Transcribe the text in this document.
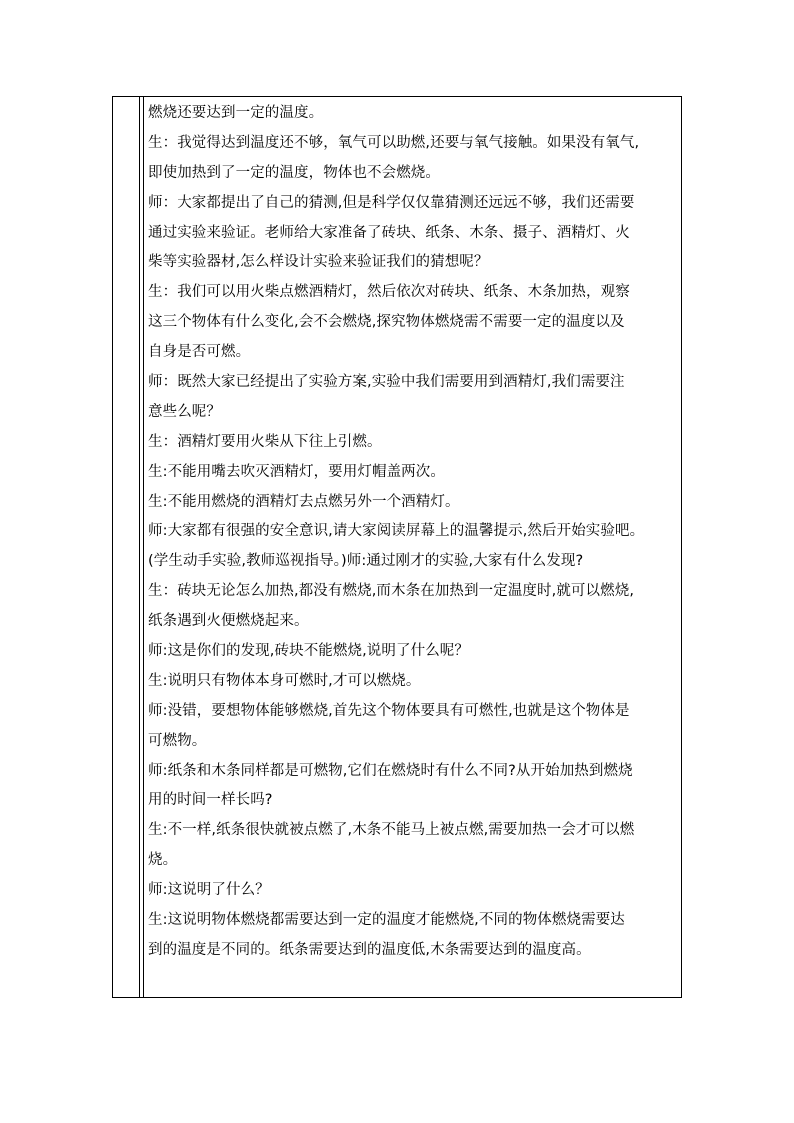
燃烧还要达到一定的温度。
生：我觉得达到温度还不够，氧气可以助燃,还要与氧气接触。如果没有氧气,
即使加热到了一定的温度，物体也不会燃烧。
师：大家都提出了自己的猜测,但是科学仅仅靠猜测还远远不够，我们还需要
通过实验来验证。老师给大家准备了砖块、纸条、木条、摄子、酒精灯、火
柴等实验器材,怎么样设计实验来验证我们的猜想呢？
生：我们可以用火柴点燃酒精灯，然后依次对砖块、纸条、木条加热，观察
这三个物体有什么变化,会不会燃烧,探究物体燃烧需不需要一定的温度以及
自身是否可燃。
师：既然大家已经提出了实验方案,实验中我们需要用到酒精灯,我们需要注
意些么呢？
生：酒精灯要用火柴从下往上引燃。
生:不能用嘴去吹灭酒精灯，要用灯帽盖两次。
生:不能用燃烧的酒精灯去点燃另外一个酒精灯。
师:大家都有很强的安全意识,请大家阅读屏幕上的温馨提示,然后开始实验吧。
(学生动手实验,教师巡视指导。)师:通过刚才的实验,大家有什么发现?
生：砖块无论怎么加热,都没有燃烧,而木条在加热到一定温度时,就可以燃烧,
纸条遇到火便燃烧起来。
师:这是你们的发现,砖块不能燃烧,说明了什么呢？
生:说明只有物体本身可燃时,才可以燃烧。
师:没错，要想物体能够燃烧,首先这个物体要具有可燃性,也就是这个物体是
可燃物。
师:纸条和木条同样都是可燃物,它们在燃烧时有什么不同?从开始加热到燃烧
用的时间一样长吗?
生:不一样,纸条很快就被点燃了,木条不能马上被点燃,需要加热一会才可以燃
烧。
师:这说明了什么？
生:这说明物体燃烧都需要达到一定的温度才能燃烧,不同的物体燃烧需要达
到的温度是不同的。纸条需要达到的温度低,木条需要达到的温度高。
